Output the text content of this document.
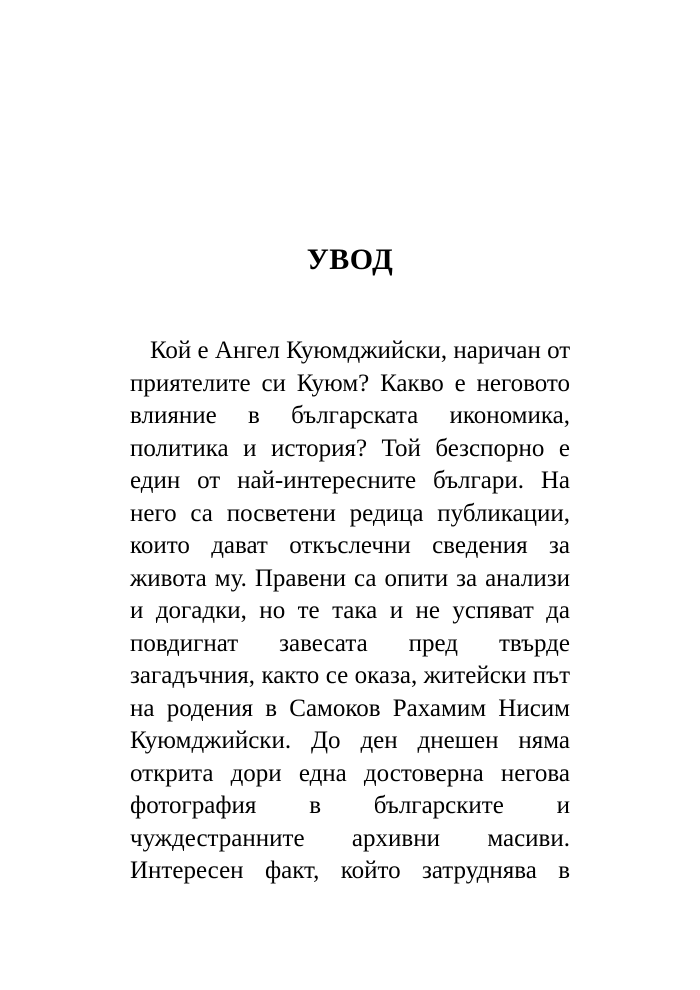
УВОД
Кой е Ангел Куюмджийски, наричан от
приятелите си Куюм? Какво е неговото
влияние в българската икономика,
политика и история? Той безспорно е
един от най-интересните българи. На
него са посветени редица публикации,
които дават откъслечни сведения за
живота му. Правени са опити за анализи
и догадки, но те така и не успяват да
повдигнат завесата пред твърде
загадъчния, както се оказа, житейски път
на родения в Самоков Рахамим Нисим
Куюмджийски. До ден днешен няма
открита дори една достоверна негова
фотография в българските и
чуждестранните архивни масиви.
Интересен факт, който затруднява в
